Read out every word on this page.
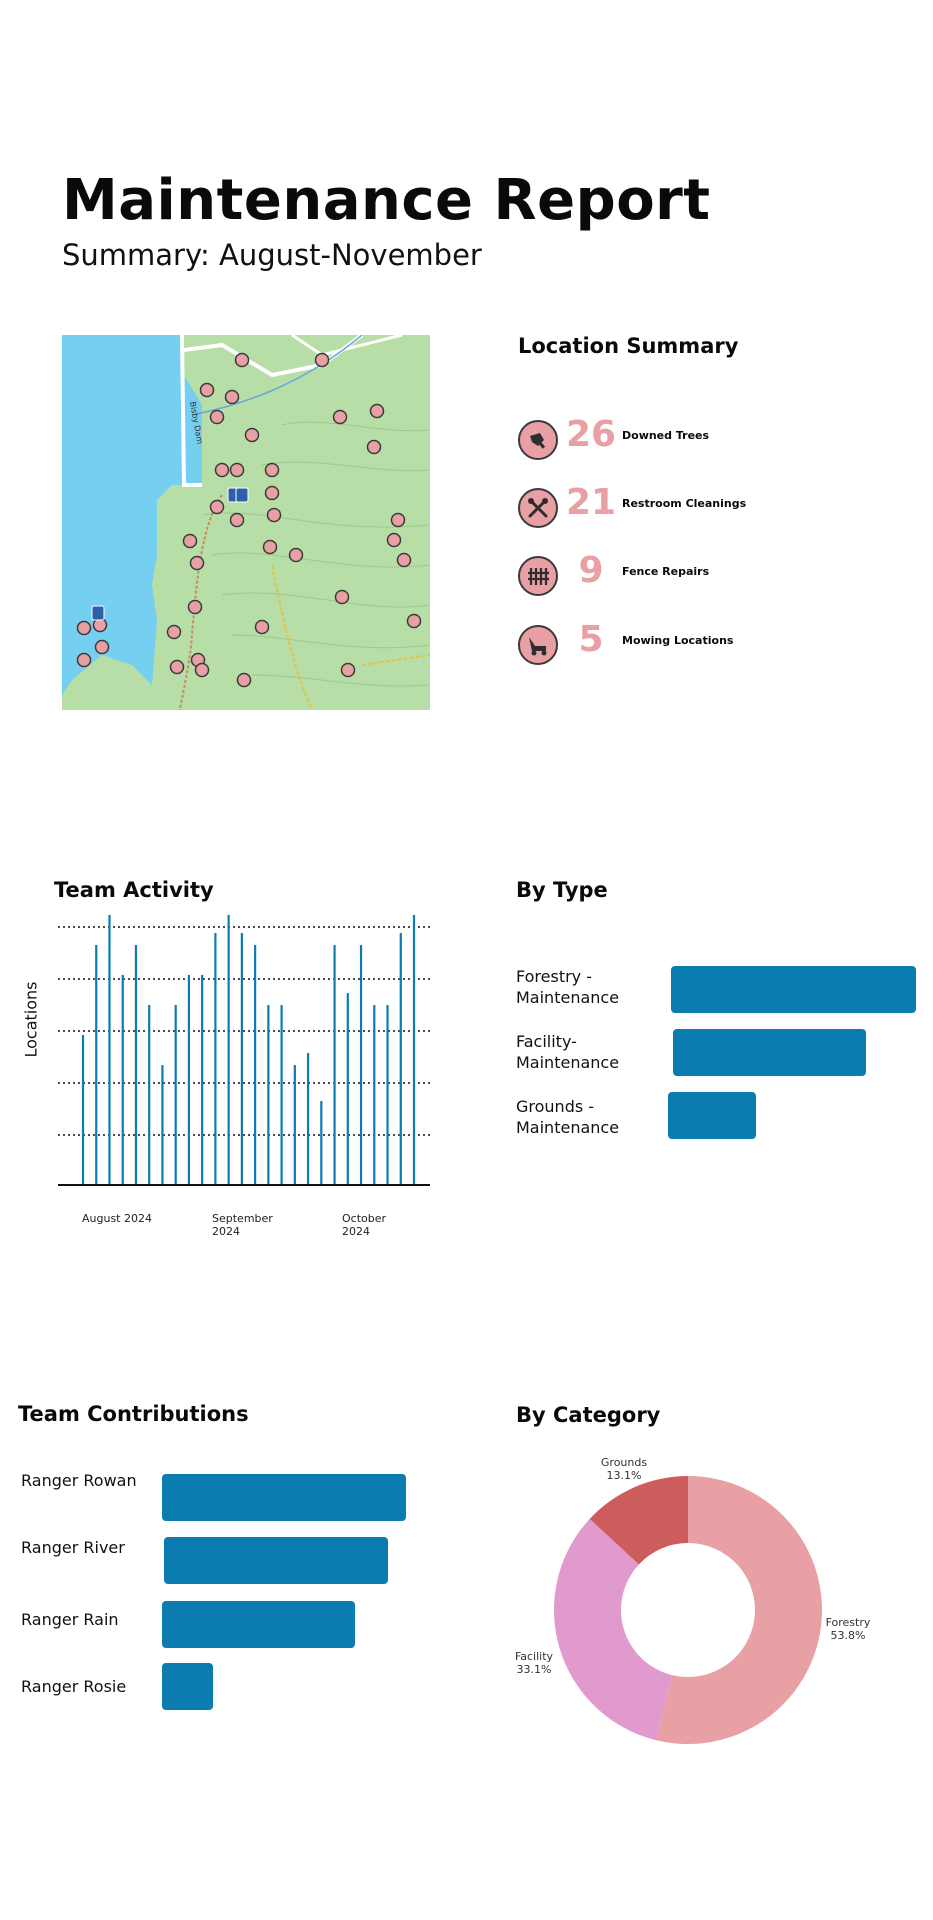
Maintenance Report
Summary: August-November
Bisby Dam
Location Summary
26 Downed Trees
21 Restroom Cleanings
9	Fence Repairs
5	Mowing Locations
Team Activity
Locations
August 2024	September
2024
October
2024
By Type
Forestry -
Maintenance
Facility-
Maintenance
Grounds -
Maintenance
Team Contributions
Ranger Rowan
Ranger River
Ranger Rain
Ranger Rosie
By Category
Grounds
13.1%
Forestry
53.8%
Facility
33.1%
